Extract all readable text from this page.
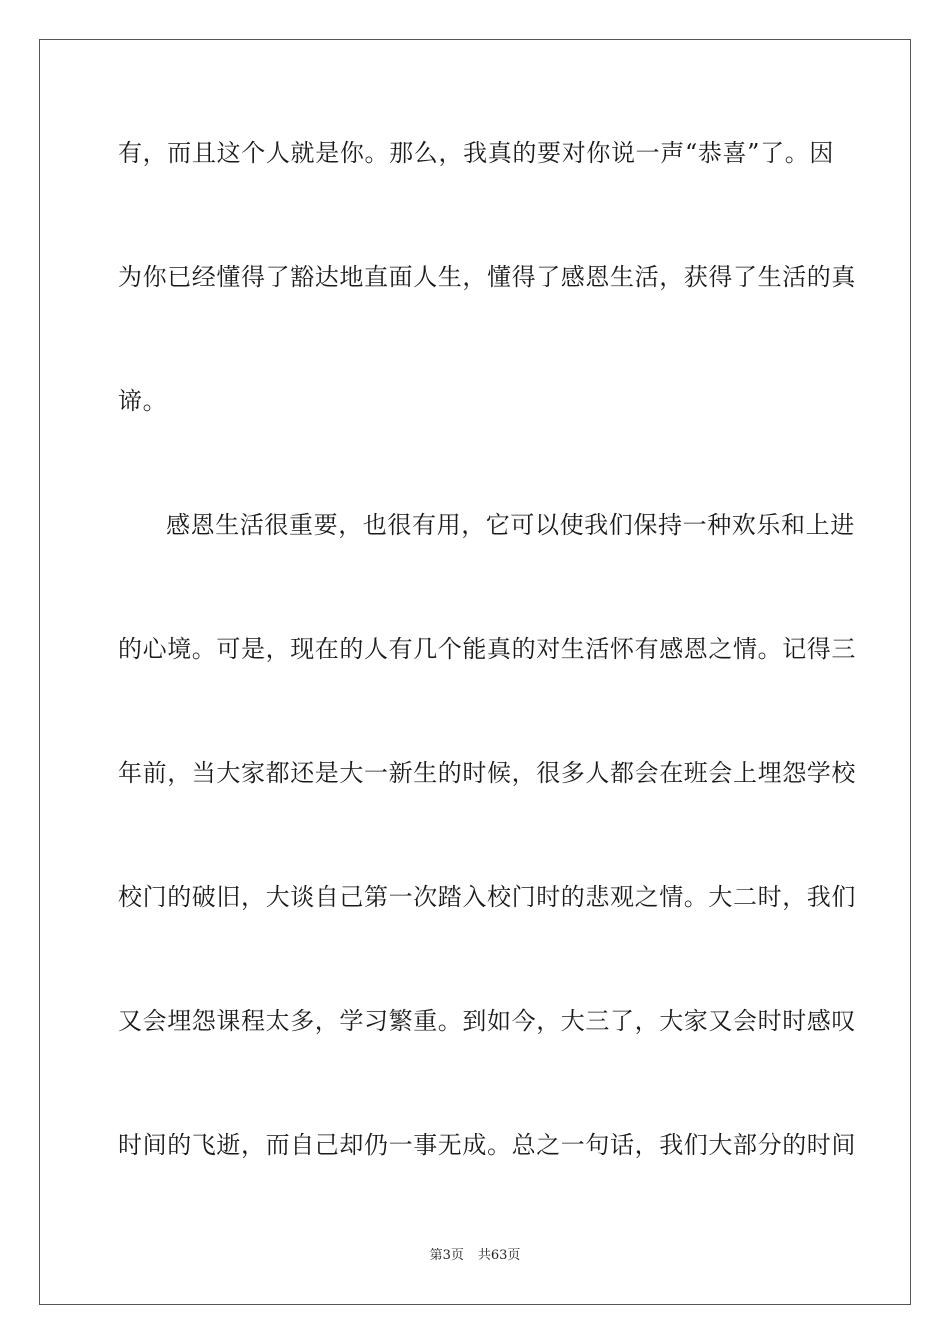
有，而且这个人就是你。那么，我真的要对你说一声“恭喜”了。因
为你已经懂得了豁达地直面人生，懂得了感恩生活，获得了生活的真
谛。
感恩生活很重要，也很有用，它可以使我们保持一种欢乐和上进
的心境。可是，现在的人有几个能真的对生活怀有感恩之情。记得三
年前，当大家都还是大一新生的时候，很多人都会在班会上埋怨学校
校门的破旧，大谈自己第一次踏入校门时的悲观之情。大二时，我们
又会埋怨课程太多，学习繁重。到如今，大三了，大家又会时时感叹
时间的飞逝，而自己却仍一事无成。总之一句话，我们大部分的时间
第3页 共63页
